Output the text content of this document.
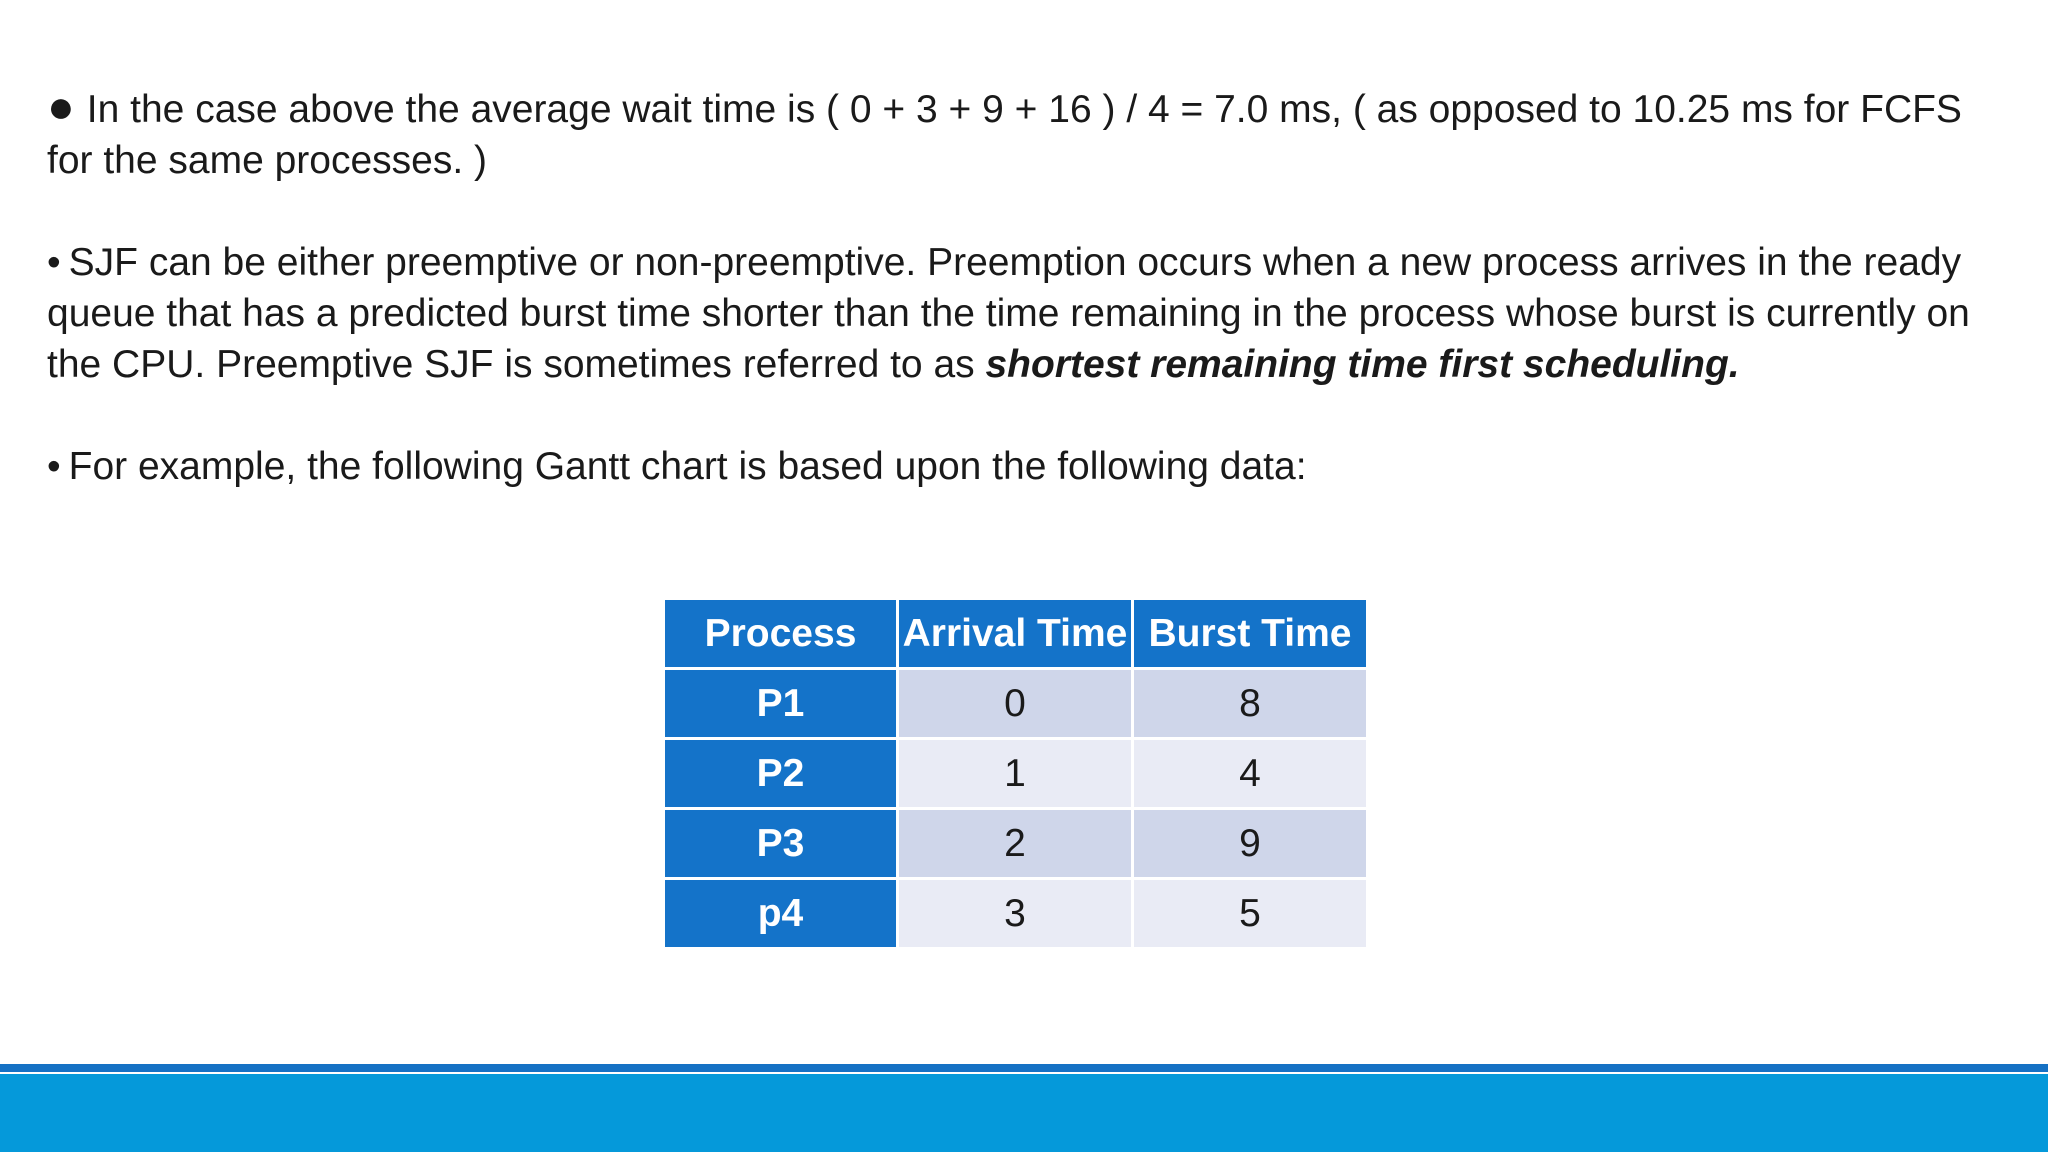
● In the case above the average wait time is ( 0 + 3 + 9 + 16 ) / 4 = 7.0 ms, ( as opposed to 10.25 ms for FCFS for the same processes. )

• SJF can be either preemptive or non-preemptive. Preemption occurs when a new process arrives in the ready queue that has a predicted burst time shorter than the time remaining in the process whose burst is currently on the CPU. Preemptive SJF is sometimes referred to as shortest remaining time first scheduling.

• For example, the following Gantt chart is based upon the following data:

Process	Arrival Time	Burst Time
P1	0	8
P2	1	4
P3	2	9
p4	3	5
